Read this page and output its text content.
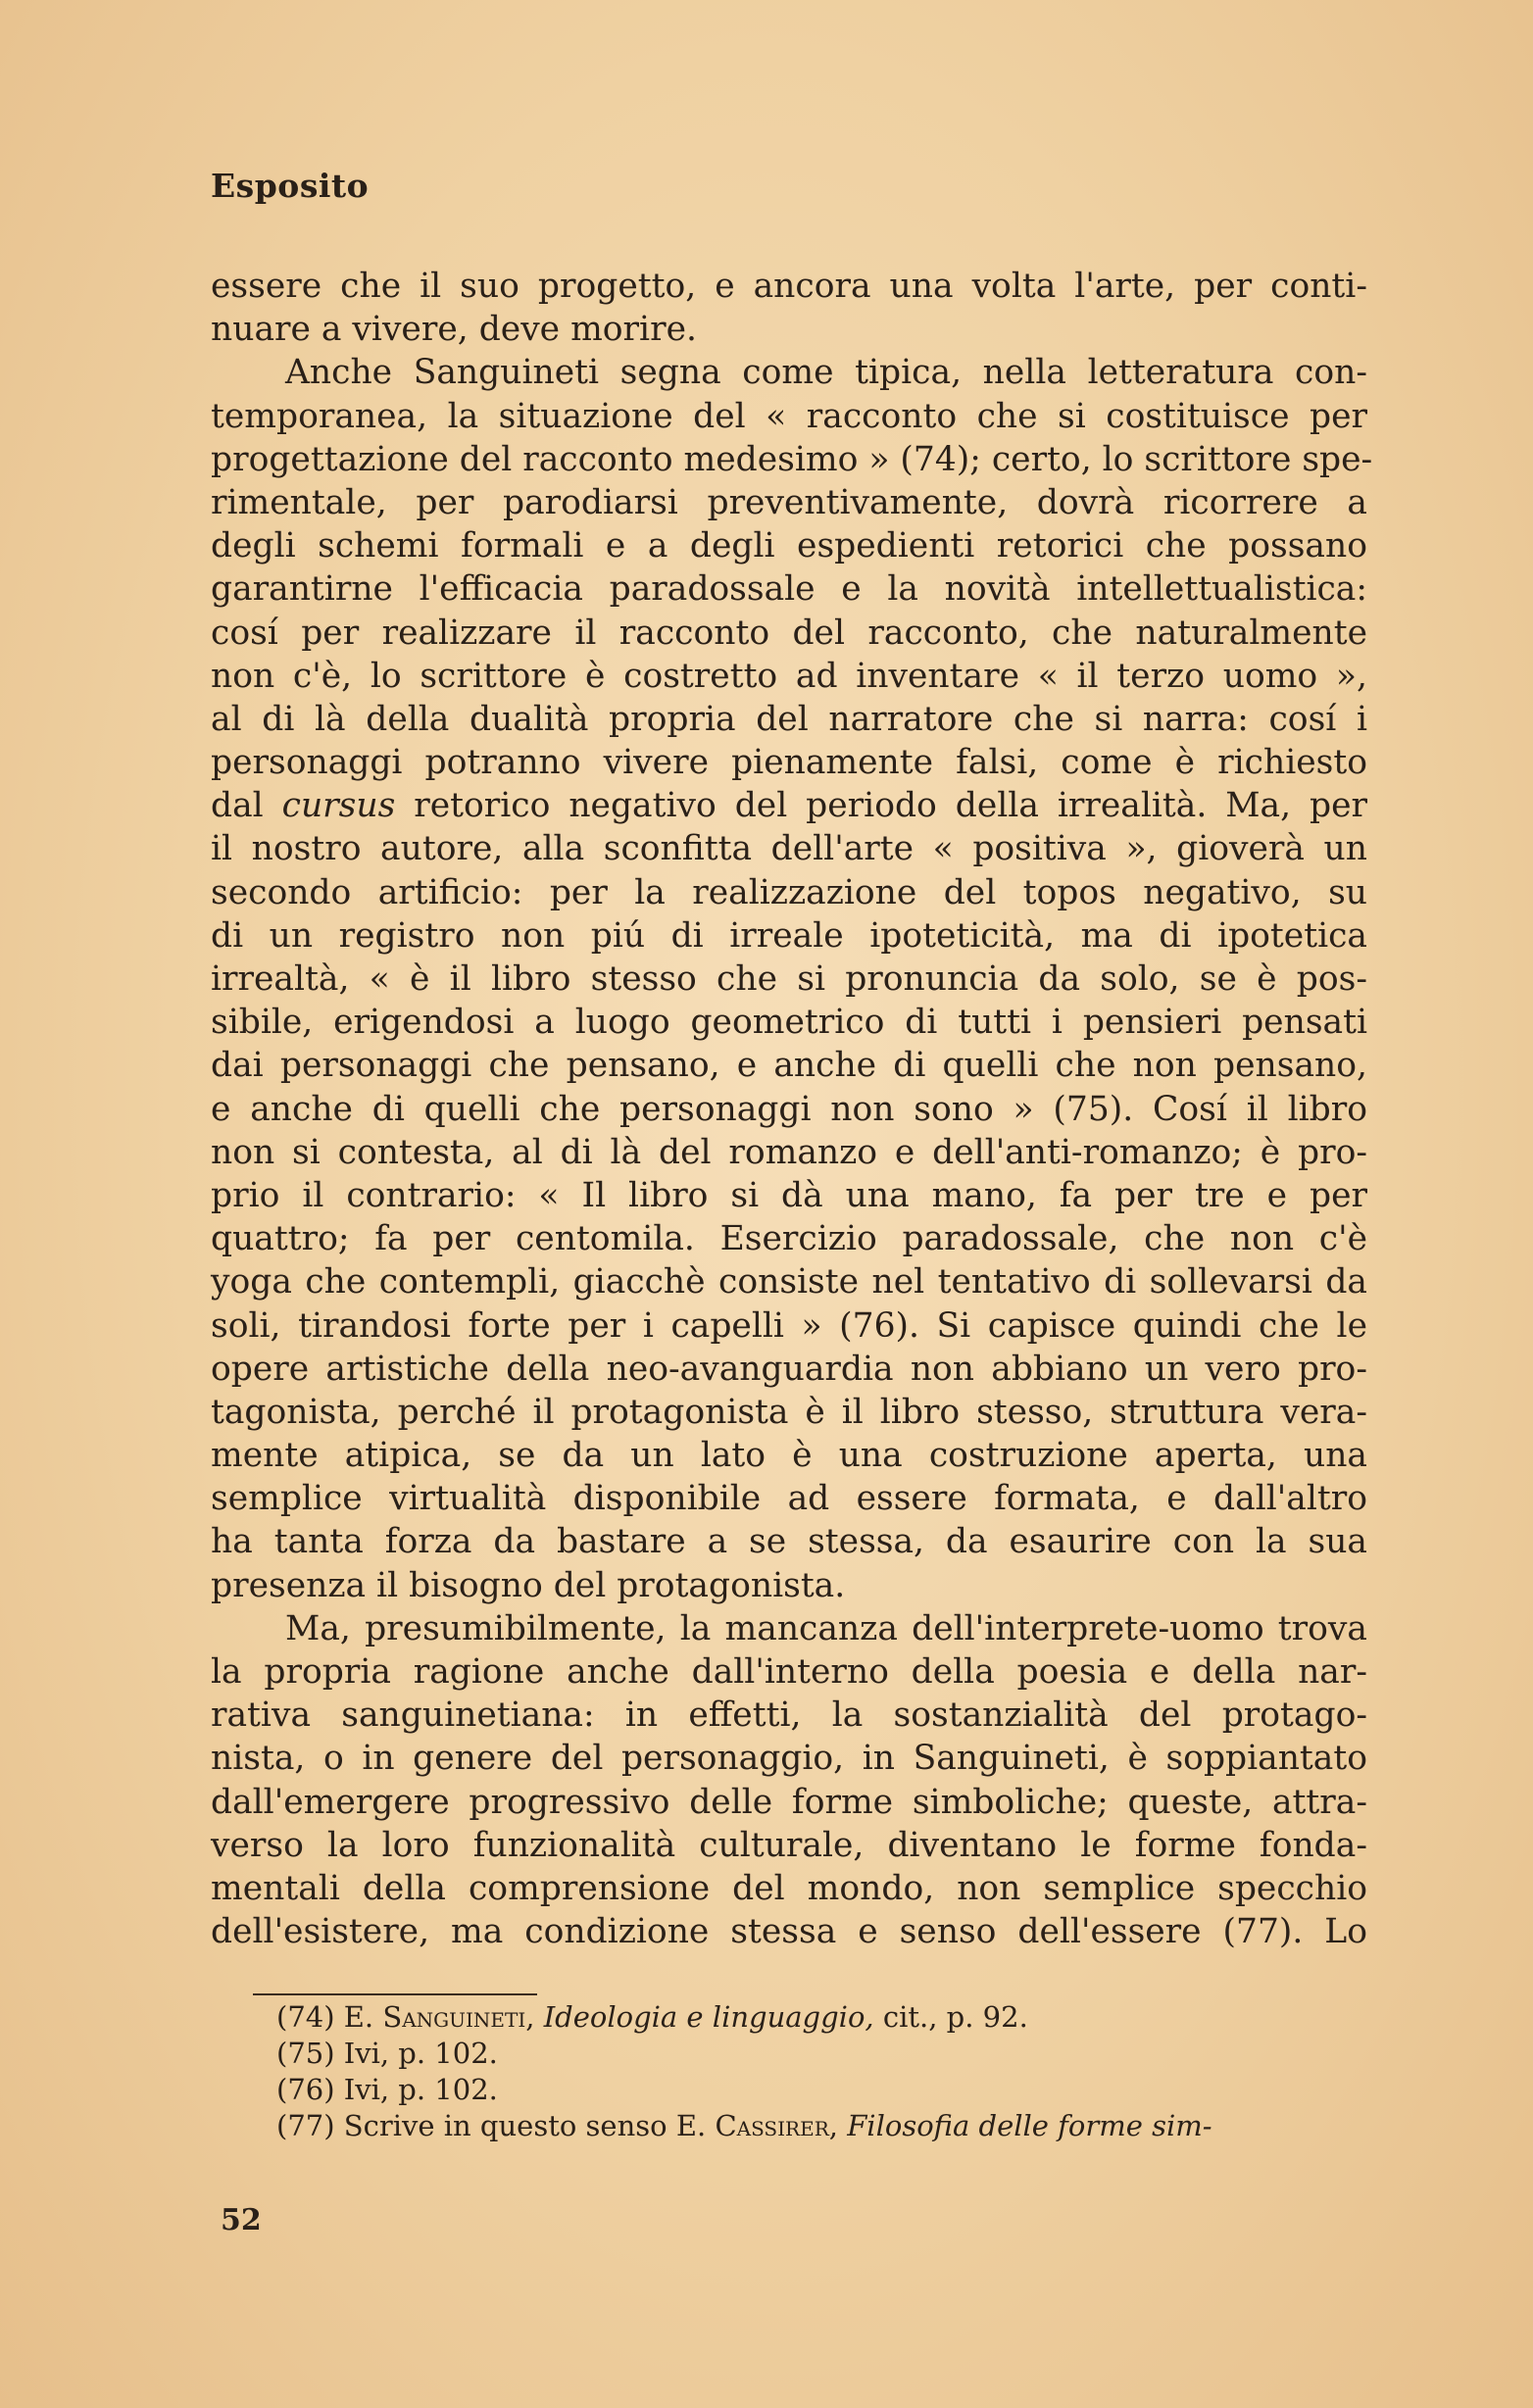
Esposito
essere che il suo progetto, e ancora una volta l'arte, per conti-
nuare a vivere, deve morire.
Anche Sanguineti segna come tipica, nella letteratura con-
temporanea, la situazione del « racconto che si costituisce per
progettazione del racconto medesimo » (74); certo, lo scrittore spe-
rimentale, per parodiarsi preventivamente, dovrà ricorrere a
degli schemi formali e a degli espedienti retorici che possano
garantirne l'efficacia paradossale e la novità intellettualistica:
cosí per realizzare il racconto del racconto, che naturalmente
non c'è, lo scrittore è costretto ad inventare « il terzo uomo »,
al di là della dualità propria del narratore che si narra: cosí i
personaggi potranno vivere pienamente falsi, come è richiesto
dal cursus retorico negativo del periodo della irrealità. Ma, per
il nostro autore, alla sconfitta dell'arte « positiva », gioverà un
secondo artificio: per la realizzazione del topos negativo, su
di un registro non piú di irreale ipoteticità, ma di ipotetica
irrealtà, « è il libro stesso che si pronuncia da solo, se è pos-
sibile, erigendosi a luogo geometrico di tutti i pensieri pensati
dai personaggi che pensano, e anche di quelli che non pensano,
e anche di quelli che personaggi non sono » (75). Cosí il libro
non si contesta, al di là del romanzo e dell'anti-romanzo; è pro-
prio il contrario: « Il libro si dà una mano, fa per tre e per
quattro; fa per centomila. Esercizio paradossale, che non c'è
yoga che contempli, giacchè consiste nel tentativo di sollevarsi da
soli, tirandosi forte per i capelli » (76). Si capisce quindi che le
opere artistiche della neo-avanguardia non abbiano un vero pro-
tagonista, perché il protagonista è il libro stesso, struttura vera-
mente atipica, se da un lato è una costruzione aperta, una
semplice virtualità disponibile ad essere formata, e dall'altro
ha tanta forza da bastare a se stessa, da esaurire con la sua
presenza il bisogno del protagonista.
Ma, presumibilmente, la mancanza dell'interprete-uomo trova
la propria ragione anche dall'interno della poesia e della nar-
rativa sanguinetiana: in effetti, la sostanzialità del protago-
nista, o in genere del personaggio, in Sanguineti, è soppiantato
dall'emergere progressivo delle forme simboliche; queste, attra-
verso la loro funzionalità culturale, diventano le forme fonda-
mentali della comprensione del mondo, non semplice specchio
dell'esistere, ma condizione stessa e senso dell'essere (77). Lo
(74) E. Sanguineti, Ideologia e linguaggio, cit., p. 92.
(75) Ivi, p. 102.
(76) Ivi, p. 102.
(77) Scrive in questo senso E. Cassirer, Filosofia delle forme sim-
52
